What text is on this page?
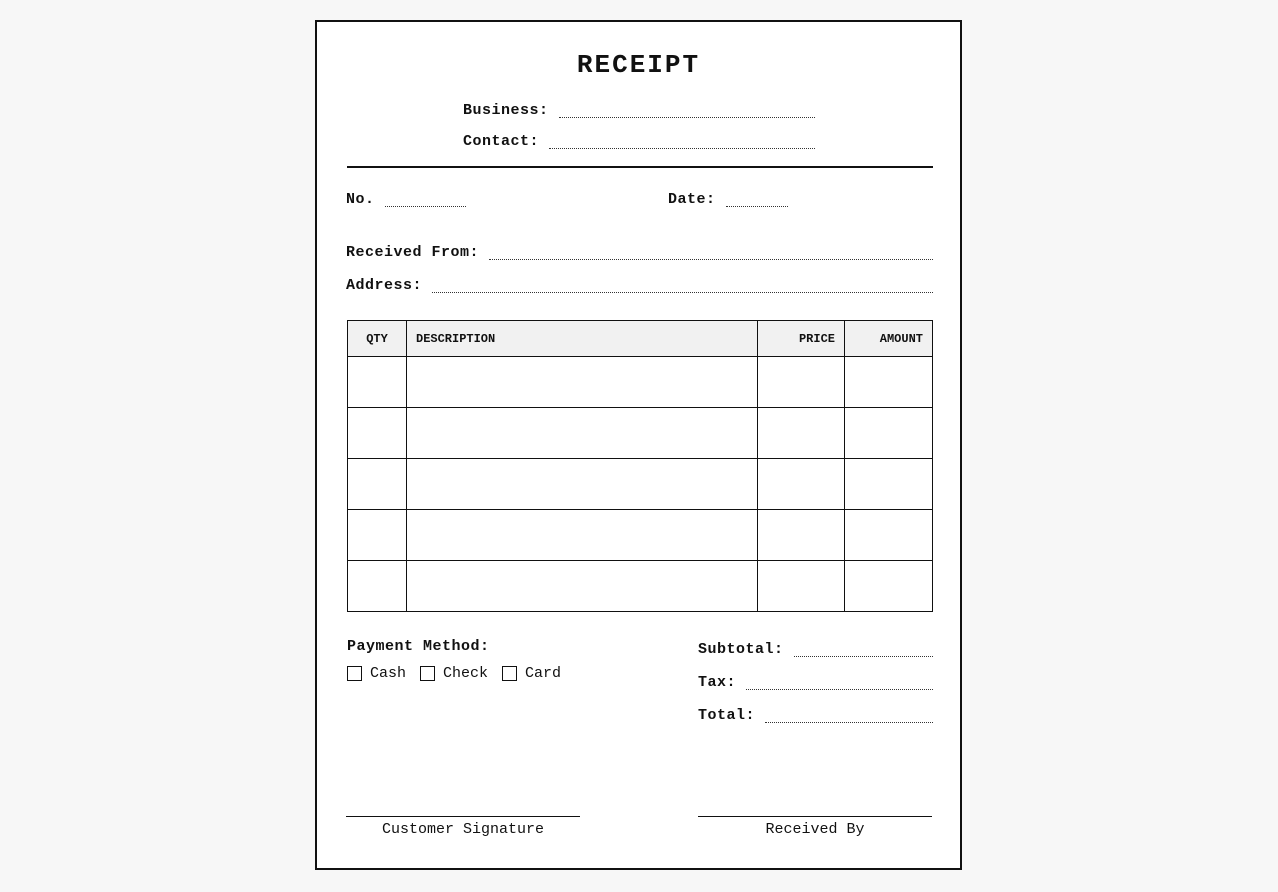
RECEIPT
Business:
Contact:
No.	Date:
Received From:
Address:
QTY	DESCRIPTION	PRICE	AMOUNT

Payment Method:
Cash Check Card
Subtotal:
Tax:
Total:
Customer Signature	Received By
